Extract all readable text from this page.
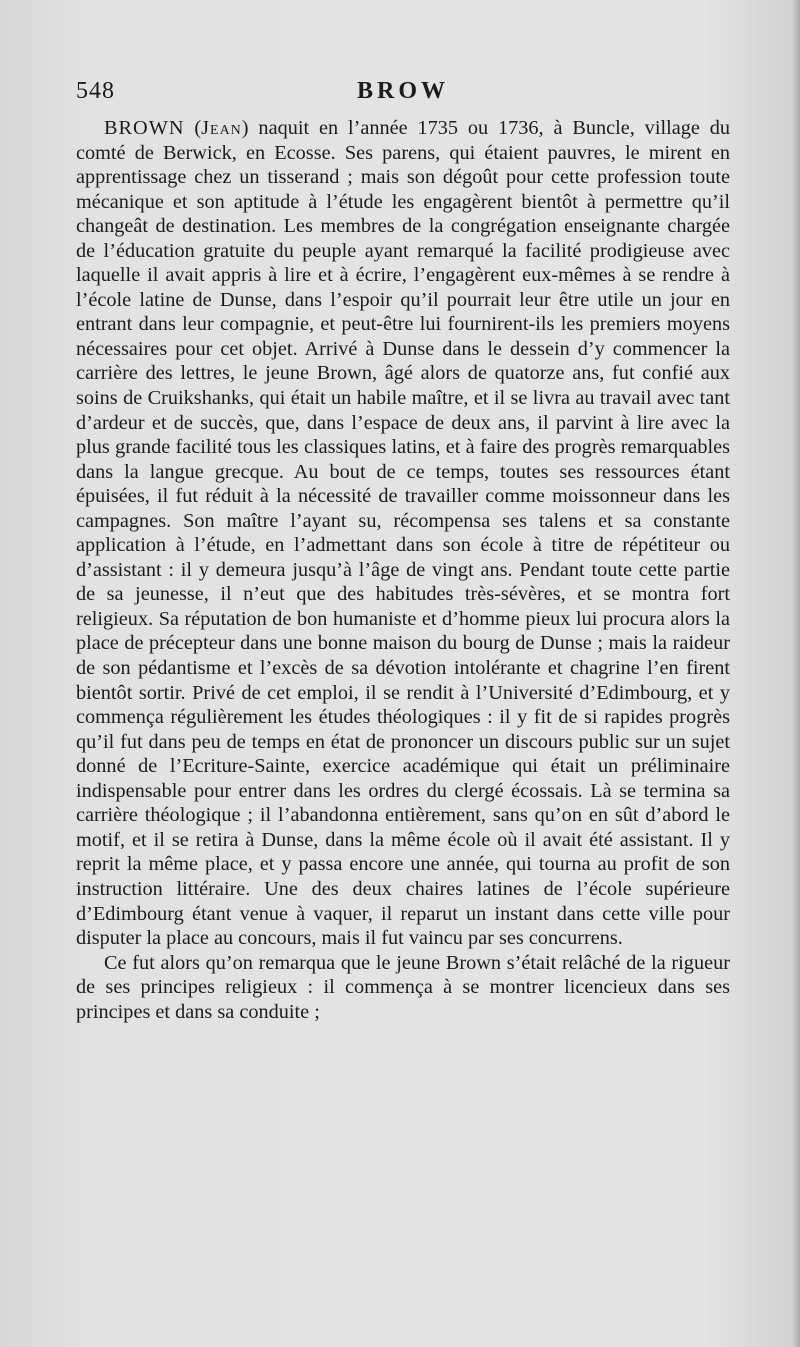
548	BROW

BROWN (Jean) naquit en l’année 1735 ou 1736, à Buncle, village du comté de Berwick, en Ecosse. Ses parens, qui étaient pauvres, le mirent en apprentissage chez un tisserand ; mais son dégoût pour cette profession toute mécanique et son aptitude à l’étude les engagèrent bientôt à permettre qu’il changeât de destination. Les membres de la congrégation enseignante chargée de l’éducation gratuite du peuple ayant remarqué la facilité prodigieuse avec laquelle il avait appris à lire et à écrire, l’engagèrent eux-mêmes à se rendre à l’école latine de Dunse, dans l’espoir qu’il pourrait leur être utile un jour en entrant dans leur compagnie, et peut-être lui fournirent-ils les premiers moyens nécessaires pour cet objet. Arrivé à Dunse dans le dessein d’y commencer la carrière des lettres, le jeune Brown, âgé alors de quatorze ans, fut confié aux soins de Cruikshanks, qui était un habile maître, et il se livra au travail avec tant d’ardeur et de succès, que, dans l’espace de deux ans, il parvint à lire avec la plus grande facilité tous les classiques latins, et à faire des progrès remarquables dans la langue grecque. Au bout de ce temps, toutes ses ressources étant épuisées, il fut réduit à la nécessité de travailler comme moissonneur dans les campagnes. Son maître l’ayant su, récompensa ses talens et sa constante application à l’étude, en l’admettant dans son école à titre de répétiteur ou d’assistant : il y demeura jusqu’à l’âge de vingt ans. Pendant toute cette partie de sa jeunesse, il n’eut que des habitudes très-sévères, et se montra fort religieux. Sa réputation de bon humaniste et d’homme pieux lui procura alors la place de précepteur dans une bonne maison du bourg de Dunse ; mais la raideur de son pédantisme et l’excès de sa dévotion intolérante et chagrine l’en firent bientôt sortir. Privé de cet emploi, il se rendit à l’Université d’Edimbourg, et y commença régulièrement les études théologiques : il y fit de si rapides progrès qu’il fut dans peu de temps en état de prononcer un discours public sur un sujet donné de l’Ecriture-Sainte, exercice académique qui était un préliminaire indispensable pour entrer dans les ordres du clergé écossais. Là se termina sa carrière théologique ; il l’abandonna entièrement, sans qu’on en sût d’abord le motif, et il se retira à Dunse, dans la même école où il avait été assistant. Il y reprit la même place, et y passa encore une année, qui tourna au profit de son instruction littéraire. Une des deux chaires latines de l’école supérieure d’Edimbourg étant venue à vaquer, il reparut un instant dans cette ville pour disputer la place au concours, mais il fut vaincu par ses concurrens.

Ce fut alors qu’on remarqua que le jeune Brown s’était relâché de la rigueur de ses principes religieux : il commença à se montrer licencieux dans ses principes et dans sa conduite ;
